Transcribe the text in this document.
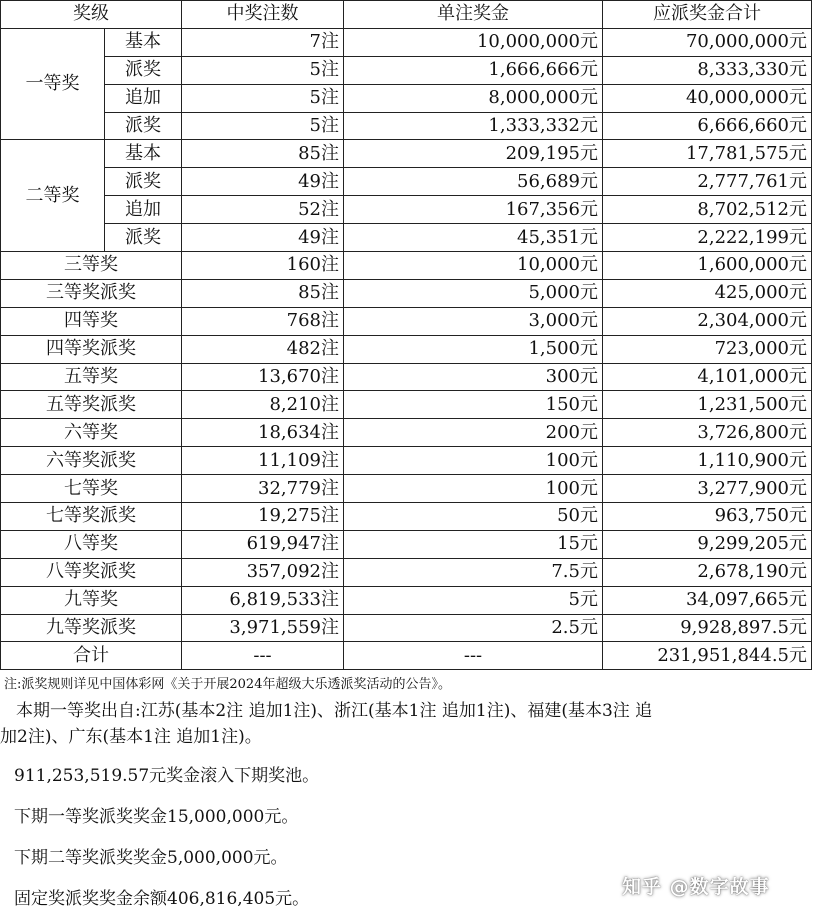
奖级		中奖注数	单注奖金	应派奖金合计
一等奖	基本	7注	10,000,000元	70,000,000元
	派奖	5注	1,666,666元	8,333,330元
	追加	5注	8,000,000元	40,000,000元
	派奖	5注	1,333,332元	6,666,660元
二等奖	基本	85注	209,195元	17,781,575元
	派奖	49注	56,689元	2,777,761元
	追加	52注	167,356元	8,702,512元
	派奖	49注	45,351元	2,222,199元
三等奖		160注	10,000元	1,600,000元
三等奖派奖		85注	5,000元	425,000元
四等奖		768注	3,000元	2,304,000元
四等奖派奖		482注	1,500元	723,000元
五等奖		13,670注	300元	4,101,000元
五等奖派奖		8,210注	150元	1,231,500元
六等奖		18,634注	200元	3,726,800元
六等奖派奖		11,109注	100元	1,110,900元
七等奖		32,779注	100元	3,277,900元
七等奖派奖		19,275注	50元	963,750元
八等奖		619,947注	15元	9,299,205元
八等奖派奖		357,092注	7.5元	2,678,190元
九等奖		6,819,533注	5元	34,097,665元
九等奖派奖		3,971,559注	2.5元	9,928,897.5元
合计		---	---	231,951,844.5元
注:派奖规则详见中国体彩网《关于开展2024年超级大乐透派奖活动的公告》。
本期一等奖出自:江苏(基本2注 追加1注)、浙江(基本1注 追加1注)、福建(基本3注 追
加2注)、广东(基本1注 追加1注)。
911,253,519.57元奖金滚入下期奖池。
下期一等奖派奖奖金15,000,000元。
下期二等奖派奖奖金5,000,000元。
固定奖派奖奖金余额406,816,405元。
知乎 @数字故事
